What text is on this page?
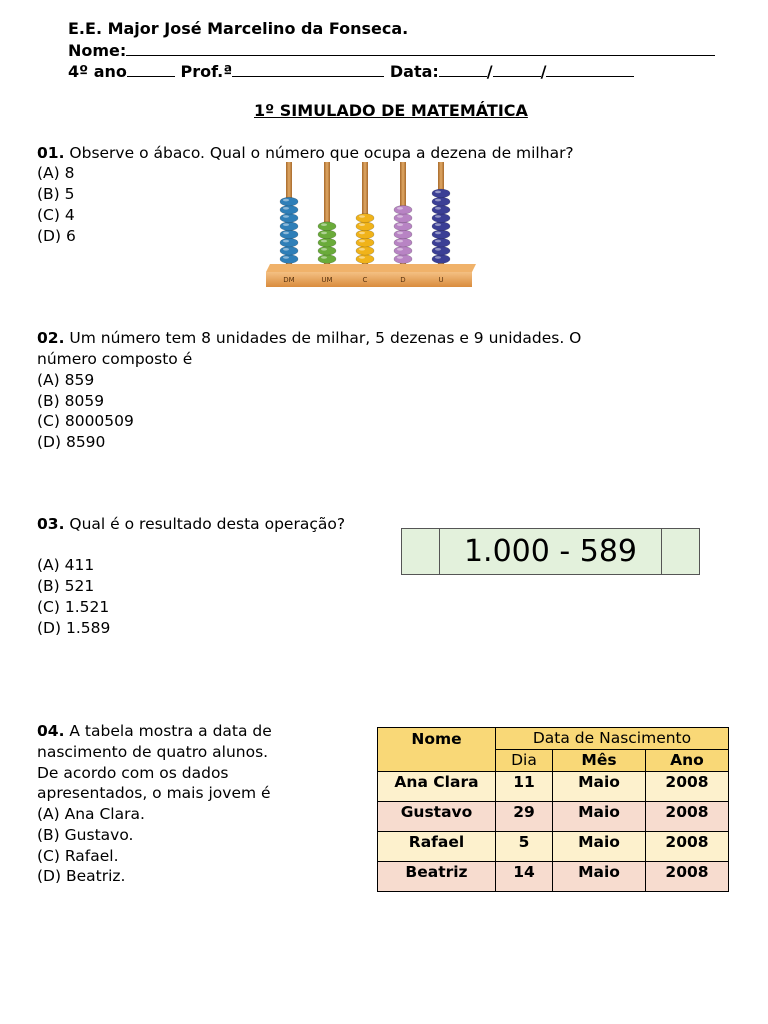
E.E. Major José Marcelino da Fonseca.
Nome:
4º ano	Prof.ª	Data:	/	/
1º SIMULADO DE MATEMÁTICA
01. Observe o ábaco. Qual o número que ocupa a dezena de milhar?
(A) 8
(B) 5
(C) 4
(D) 6
DM	UM	C	D	U
02. Um número tem 8 unidades de milhar, 5 dezenas e 9 unidades. O
número composto é
(A) 859
(B) 8059
(C) 8000509
(D) 8590
03. Qual é o resultado desta operação?
1.000 - 589
(A) 411
(B) 521
(C) 1.521
(D) 1.589
04. A tabela mostra a data de
nascimento de quatro alunos.
De acordo com os dados
apresentados, o mais jovem é
(A) Ana Clara.
(B) Gustavo.
(C) Rafael.
(D) Beatriz.
Nome	Data de Nascimento		
	Dia	Mês	Ano
Ana Clara	11	Maio	2008
Gustavo	29	Maio	2008
Rafael	5	Maio	2008
Beatriz	14	Maio	2008
